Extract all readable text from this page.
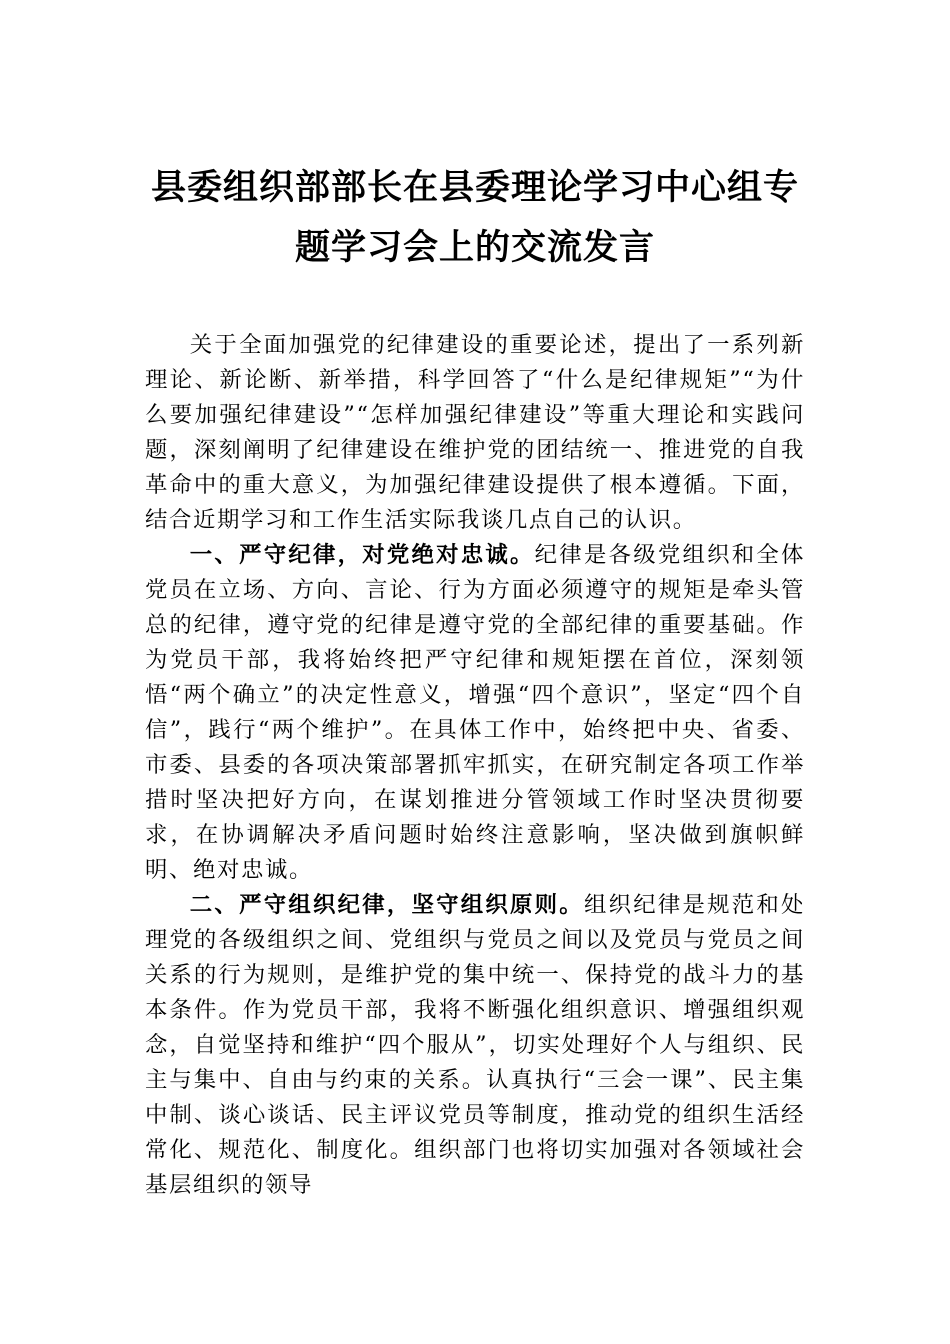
县委组织部部长在县委理论学习中心组专
题学习会上的交流发言

关于全面加强党的纪律建设的重要论述，提出了一系列新理论、新论断、新举措，科学回答了“什么是纪律规矩”“为什么要加强纪律建设”“怎样加强纪律建设”等重大理论和实践问题，深刻阐明了纪律建设在维护党的团结统一、推进党的自我革命中的重大意义，为加强纪律建设提供了根本遵循。下面，结合近期学习和工作生活实际我谈几点自己的认识。

一、严守纪律，对党绝对忠诚。纪律是各级党组织和全体党员在立场、方向、言论、行为方面必须遵守的规矩是牵头管总的纪律，遵守党的纪律是遵守党的全部纪律的重要基础。作为党员干部，我将始终把严守纪律和规矩摆在首位，深刻领悟“两个确立”的决定性意义，增强“四个意识”，坚定“四个自信”，践行“两个维护”。在具体工作中，始终把中央、省委、市委、县委的各项决策部署抓牢抓实，在研究制定各项工作举措时坚决把好方向，在谋划推进分管领域工作时坚决贯彻要求，在协调解决矛盾问题时始终注意影响，坚决做到旗帜鲜明、绝对忠诚。

二、严守组织纪律，坚守组织原则。组织纪律是规范和处理党的各级组织之间、党组织与党员之间以及党员与党员之间关系的行为规则，是维护党的集中统一、保持党的战斗力的基本条件。作为党员干部，我将不断强化组织意识、增强组织观念，自觉坚持和维护“四个服从”，切实处理好个人与组织、民主与集中、自由与约束的关系。认真执行“三会一课”、民主集中制、谈心谈话、民主评议党员等制度，推动党的组织生活经常化、规范化、制度化。组织部门也将切实加强对各领域社会基层组织的领导
